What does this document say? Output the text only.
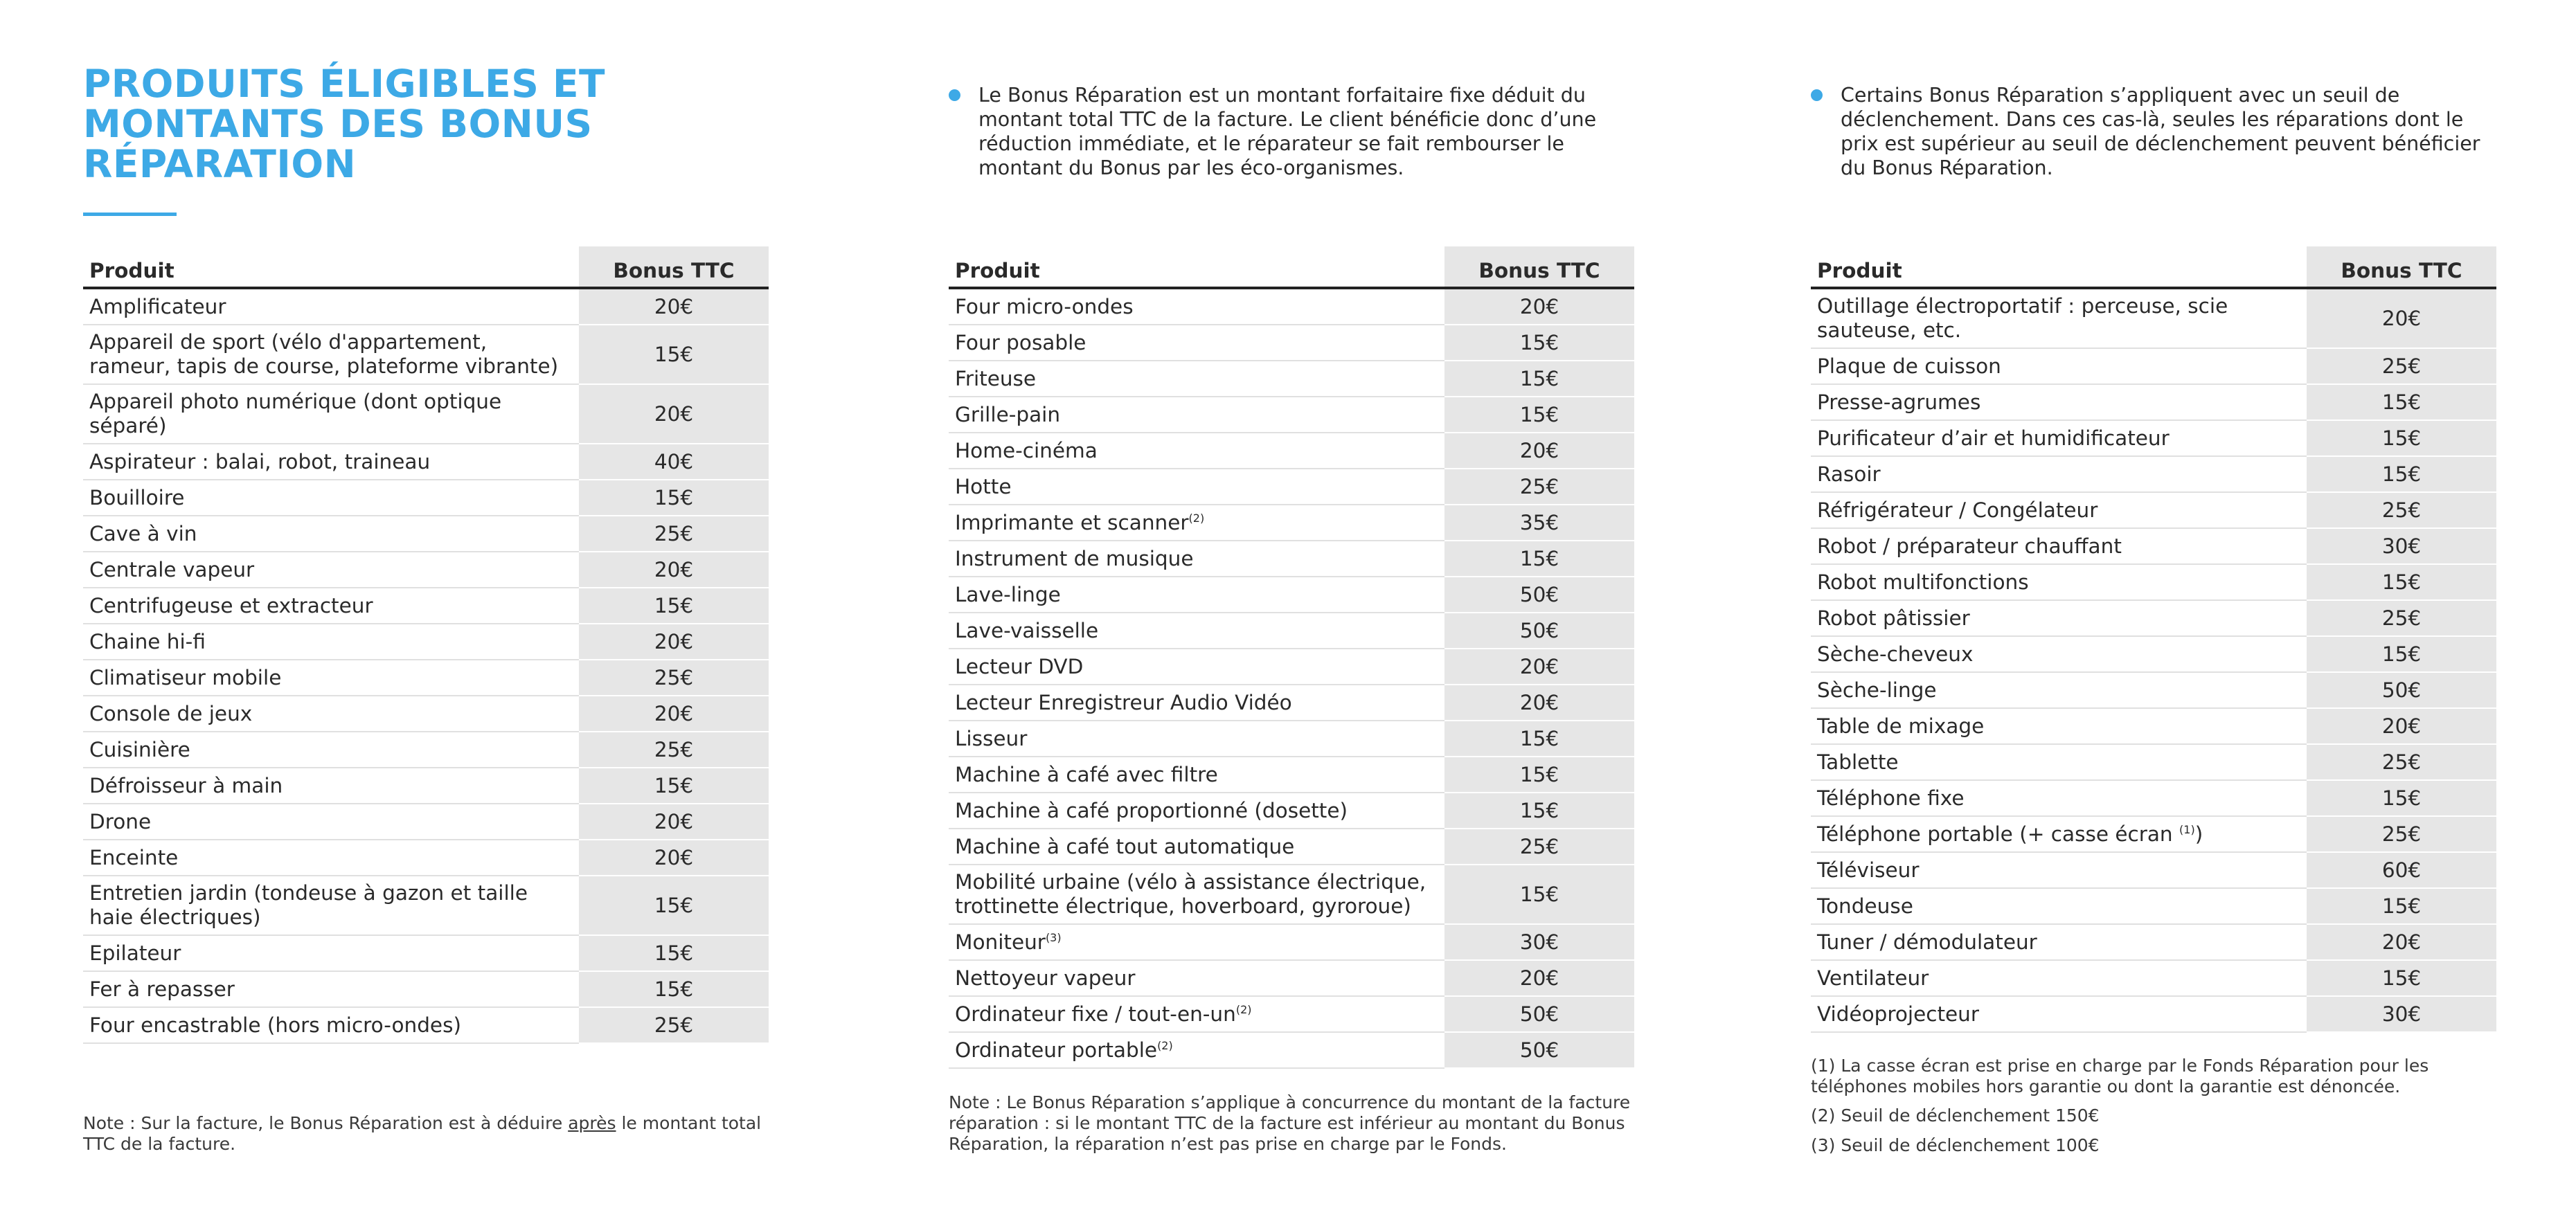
PRODUITS ÉLIGIBLES ET
MONTANTS DES BONUS
RÉPARATION
Produit	Bonus TTC
Amplificateur	20€
Appareil de sport (vélo d'appartement, rameur, tapis de course, plateforme vibrante)	15€
Appareil photo numérique (dont optique séparé)	20€
Aspirateur : balai, robot, traineau	40€
Bouilloire	15€
Cave à vin	25€
Centrale vapeur	20€
Centrifugeuse et extracteur	15€
Chaine hi-fi	20€
Climatiseur mobile	25€
Console de jeux	20€
Cuisinière	25€
Défroisseur à main	15€
Drone	20€
Enceinte	20€
Entretien jardin (tondeuse à gazon et taille haie électriques)	15€
Epilateur	15€
Fer à repasser	15€
Four encastrable (hors micro-ondes)	25€

Note : Sur la facture, le Bonus Réparation est à déduire après le montant total TTC de la facture.

Le Bonus Réparation est un montant forfaitaire fixe déduit du montant total TTC de la facture. Le client bénéficie donc d’une réduction immédiate, et le réparateur se fait rembourser le montant du Bonus par les éco-organismes.

Produit	Bonus TTC
Four micro-ondes	20€
Four posable	15€
Friteuse	15€
Grille-pain	15€
Home-cinéma	20€
Hotte	25€
Imprimante et scanner$^{(2)}$	35€
Instrument de musique	15€
Lave-linge	50€
Lave-vaisselle	50€
Lecteur DVD	20€
Lecteur Enregistreur Audio Vidéo	20€
Lisseur	15€
Machine à café avec filtre	15€
Machine à café proportionné (dosette)	15€
Machine à café tout automatique	25€
Mobilité urbaine (vélo à assistance électrique, trottinette électrique, hoverboard, gyroroue)	15€
Moniteur$^{(3)}$	30€
Nettoyeur vapeur	20€
Ordinateur fixe / tout-$en-un^{(2)}$	50€
Ordinateur portable$^{(2)}$	50€

Note : Le Bonus Réparation s’applique à concurrence du montant de la facture réparation : si le montant TTC de la facture est inférieur au montant du Bonus Réparation, la réparation n’est pas prise en charge par le Fonds.

Certains Bonus Réparation s’appliquent avec un seuil de déclenchement. Dans ces cas-là, seules les réparations dont le prix est supérieur au seuil de déclenchement peuvent bénéficier du Bonus Réparation.

Produit	Bonus TTC
Outillage électroportatif : perceuse, scie sauteuse, etc.	20€
Plaque de cuisson	25€
Presse-agrumes	15€
Purificateur d’air et humidificateur	15€
Rasoir	15€
Réfrigérateur / Congélateur	25€
Robot / préparateur chauffant	30€
Robot multifonctions	15€
Robot pâtissier	25€
Sèche-cheveux	15€
Sèche-linge	50€
Table de mixage	20€
Tablette	25€
Téléphone fixe	15€
Téléphone portable (+ casse écran $^{(1)}$)	25€
Téléviseur	60€
Tondeuse	15€
Tuner / démodulateur	20€
Ventilateur	15€
Vidéoprojecteur	30€

(1) La casse écran est prise en charge par le Fonds Réparation pour les téléphones mobiles hors garantie ou dont la garantie est dénoncée.

(2) Seuil de déclenchement 150€

(3) Seuil de déclenchement 100€
